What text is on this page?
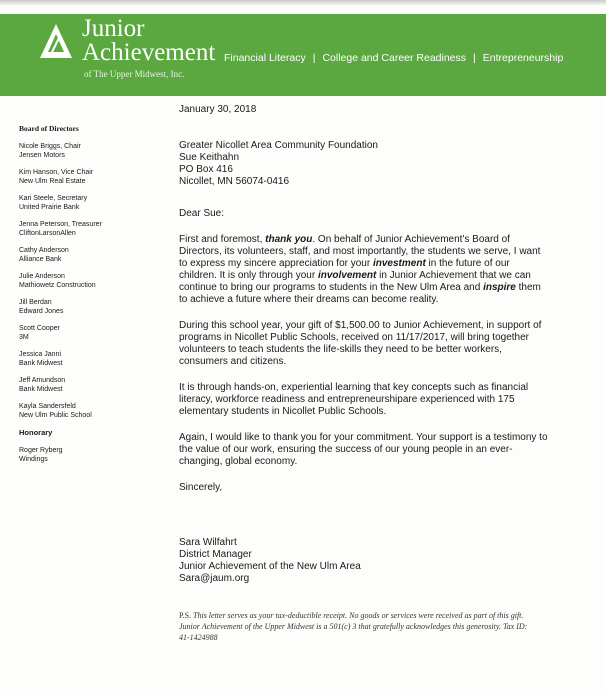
Junior
Achievement
of The Upper Midwest, Inc.
Financial Literacy | College and Career Readiness | Entrepreneurship
Board of Directors
Nicole Briggs, Chair
Jensen Motors
Kim Hanson, Vice Chair
New Ulm Real Estate
Kari Steele, Secretary
United Prairie Bank
Jenna Peterson, Treasurer
CliftonLarsonAllen
Cathy Anderson
Alliance Bank
Julie Anderson
Mathiowetz Construction
Jill Berdan
Edward Jones
Scott Cooper
3M
Jessica Janni
Bank Midwest
Jeff Amundson
Bank Midwest
Kayla Sandersfeld
New Ulm Public School
Honorary
Roger Ryberg
Windings
January 30, 2018
Greater Nicollet Area Community Foundation
Sue Keithahn
PO Box 416
Nicollet, MN 56074-0416
Dear Sue:

First and foremost, thank you. On behalf of Junior Achievement's Board of Directors, its volunteers, staff, and most importantly, the students we serve, I want to express my sincere appreciation for your investment in the future of our children. It is only through your involvement in Junior Achievement that we can continue to bring our programs to students in the New Ulm Area and inspire them to achieve a future where their dreams can become reality.

During this school year, your gift of $1,500.00 to Junior Achievement, in support of programs in Nicollet Public Schools, received on 11/17/2017, will bring together volunteers to teach students the life-skills they need to be better workers, consumers and citizens.

It is through hands-on, experiential learning that key concepts such as financial literacy, workforce readiness and entrepreneurshipare experienced with 175 elementary students in Nicollet Public Schools.

Again, I would like to thank you for your commitment. Your support is a testimony to the value of our work, ensuring the success of our young people in an ever-changing, global economy.

Sincerely,
Sara Wilfahrt
District Manager
Junior Achievement of the New Ulm Area
Sara@jaum.org
P.S. This letter serves as your tax-deductible receipt. No goods or services were received as part of this gift. Junior Achievement of the Upper Midwest is a 501(c) 3 that gratefully acknowledges this generosity. Tax ID: 41-1424988
